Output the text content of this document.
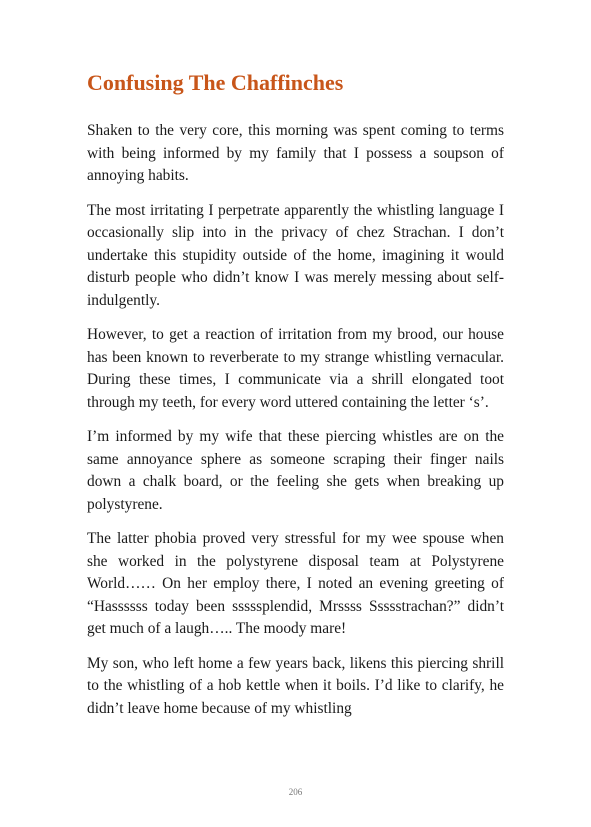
Confusing The Chaffinches

Shaken to the very core, this morning was spent coming to terms with being informed by my family that I possess a soupson of annoying habits.

The most irritating I perpetrate apparently the whistling language I occasionally slip into in the privacy of chez Strachan. I don’t undertake this stupidity outside of the home, imagining it would disturb people who didn’t know I was merely messing about self-indulgently.

However, to get a reaction of irritation from my brood, our house has been known to reverberate to my strange whistling vernacular. During these times, I communicate via a shrill elongated toot through my teeth, for every word uttered containing the letter ‘s’.

I’m informed by my wife that these piercing whistles are on the same annoyance sphere as someone scraping their finger nails down a chalk board, or the feeling she gets when breaking up polystyrene.

The latter phobia proved very stressful for my wee spouse when she worked in the polystyrene disposal team at Polystyrene World…… On her employ there, I noted an evening greeting of “Hassssss today been sssssplendid, Mrssss Ssssstrachan?” didn’t get much of a laugh….. The moody mare!

My son, who left home a few years back, likens this piercing shrill to the whistling of a hob kettle when it boils. I’d like to clarify, he didn’t leave home because of my whistling

206
